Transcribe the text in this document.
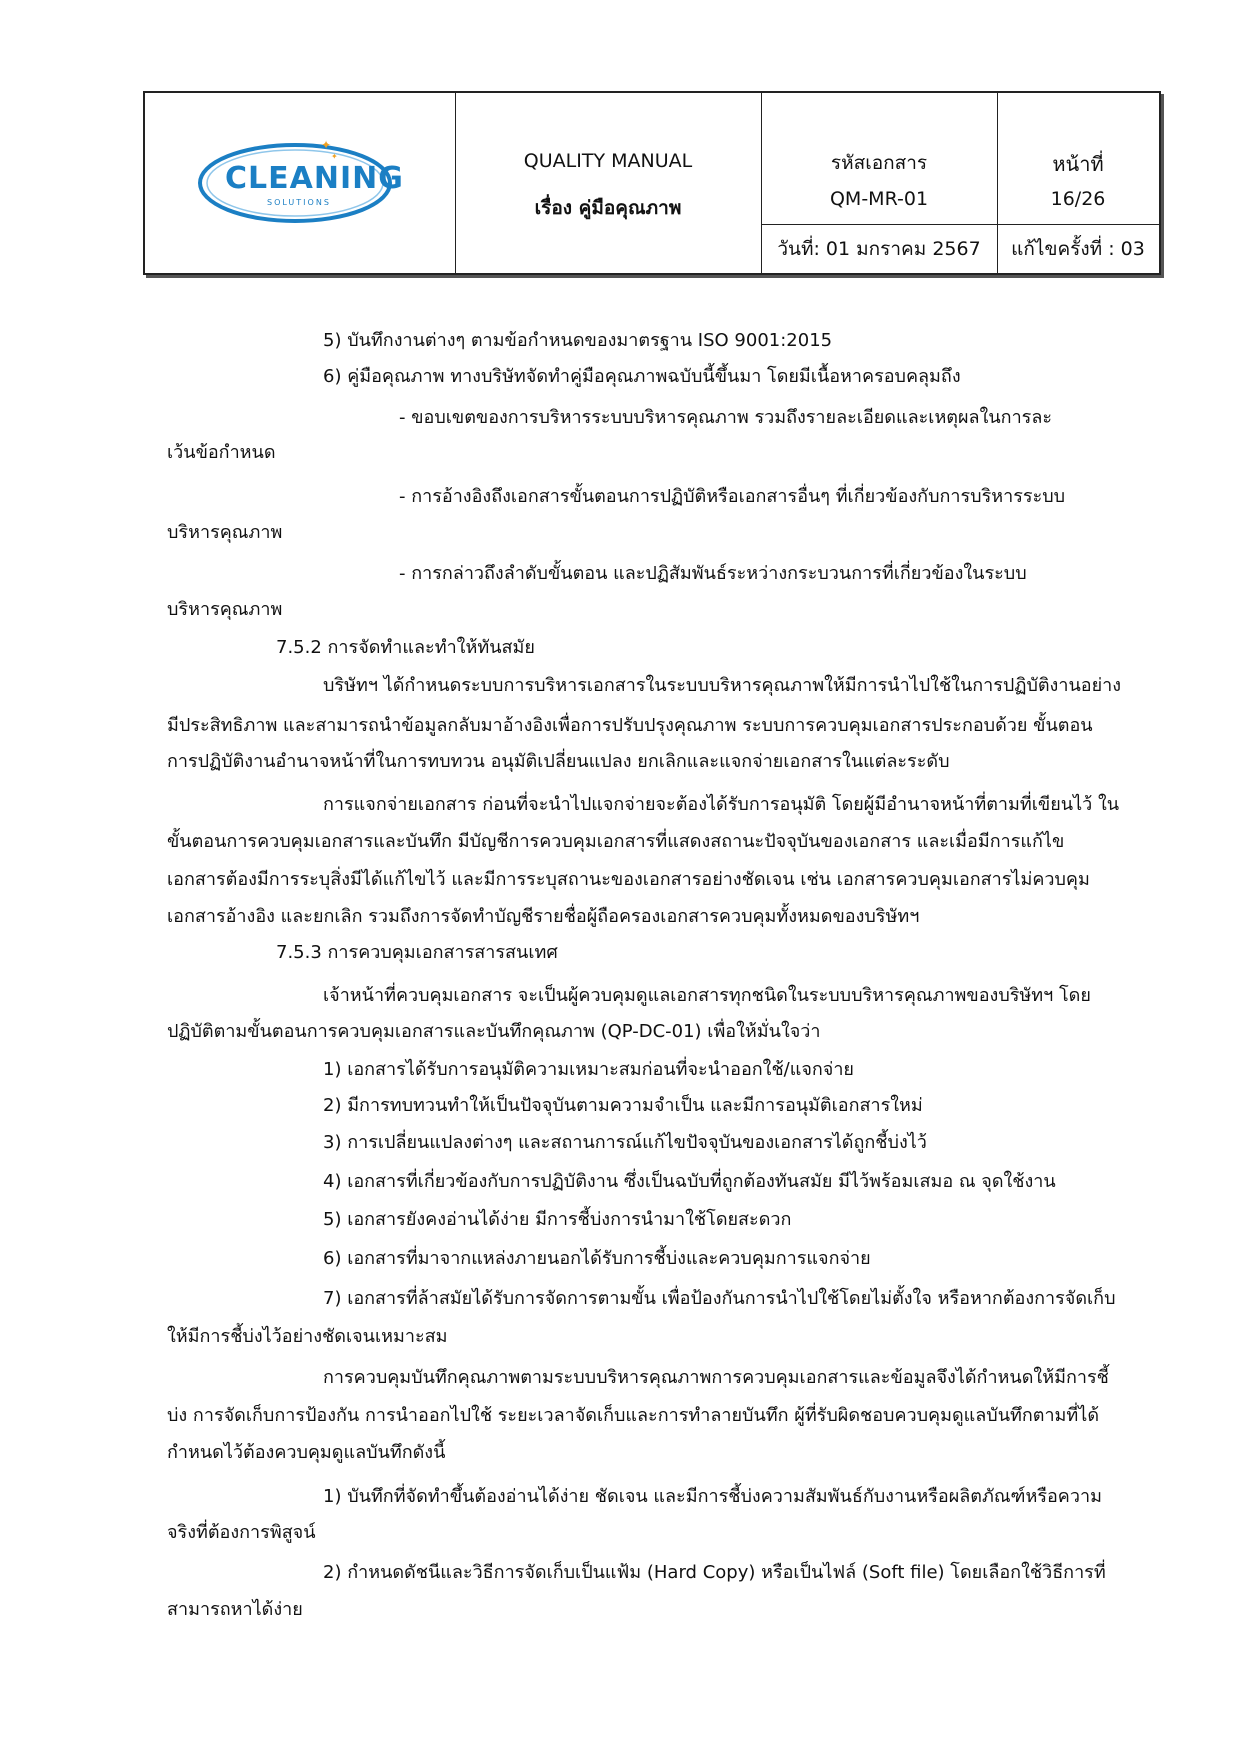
✦
✦
CLEANING
SOLUTIONS
QUALITY MANUAL
เรื่อง คู่มือคุณภาพ
รหัสเอกสาร
QM-MR-01
วันที่: 01 มกราคม 2567
หน้าที่
16/26
แก้ไขครั้งที่ : 03
5) บันทึกงานต่างๆ ตามข้อกำหนดของมาตรฐาน ISO 9001:2015
6) คู่มือคุณภาพ ทางบริษัทจัดทำคู่มือคุณภาพฉบับนี้ขึ้นมา โดยมีเนื้อหาครอบคลุมถึง
- ขอบเขตของการบริหารระบบบริหารคุณภาพ รวมถึงรายละเอียดและเหตุผลในการละ
เว้นข้อกำหนด
- การอ้างอิงถึงเอกสารขั้นตอนการปฏิบัติหรือเอกสารอื่นๆ ที่เกี่ยวข้องกับการบริหารระบบ
บริหารคุณภาพ
- การกล่าวถึงลำดับขั้นตอน และปฏิสัมพันธ์ระหว่างกระบวนการที่เกี่ยวข้องในระบบ
บริหารคุณภาพ
7.5.2 การจัดทำและทำให้ทันสมัย
บริษัทฯ ได้กำหนดระบบการบริหารเอกสารในระบบบริหารคุณภาพให้มีการนำไปใช้ในการปฏิบัติงานอย่าง
มีประสิทธิภาพ และสามารถนำข้อมูลกลับมาอ้างอิงเพื่อการปรับปรุงคุณภาพ ระบบการควบคุมเอกสารประกอบด้วย ขั้นตอน
การปฏิบัติงานอำนาจหน้าที่ในการทบทวน อนุมัติเปลี่ยนแปลง ยกเลิกและแจกจ่ายเอกสารในแต่ละระดับ
การแจกจ่ายเอกสาร ก่อนที่จะนำไปแจกจ่ายจะต้องได้รับการอนุมัติ โดยผู้มีอำนาจหน้าที่ตามที่เขียนไว้ ใน
ขั้นตอนการควบคุมเอกสารและบันทึก มีบัญชีการควบคุมเอกสารที่แสดงสถานะปัจจุบันของเอกสาร และเมื่อมีการแก้ไข
เอกสารต้องมีการระบุสิ่งมีได้แก้ไขไว้ และมีการระบุสถานะของเอกสารอย่างชัดเจน เช่น เอกสารควบคุมเอกสารไม่ควบคุม
เอกสารอ้างอิง และยกเลิก รวมถึงการจัดทำบัญชีรายชื่อผู้ถือครองเอกสารควบคุมทั้งหมดของบริษัทฯ
7.5.3 การควบคุมเอกสารสารสนเทศ
เจ้าหน้าที่ควบคุมเอกสาร จะเป็นผู้ควบคุมดูแลเอกสารทุกชนิดในระบบบริหารคุณภาพของบริษัทฯ โดย
ปฏิบัติตามขั้นตอนการควบคุมเอกสารและบันทึกคุณภาพ (QP-DC-01) เพื่อให้มั่นใจว่า
1) เอกสารได้รับการอนุมัติความเหมาะสมก่อนที่จะนำออกใช้/แจกจ่าย
2) มีการทบทวนทำให้เป็นปัจจุบันตามความจำเป็น และมีการอนุมัติเอกสารใหม่
3) การเปลี่ยนแปลงต่างๆ และสถานการณ์แก้ไขปัจจุบันของเอกสารได้ถูกชี้บ่งไว้
4) เอกสารที่เกี่ยวข้องกับการปฏิบัติงาน ซึ่งเป็นฉบับที่ถูกต้องทันสมัย มีไว้พร้อมเสมอ ณ จุดใช้งาน
5) เอกสารยังคงอ่านได้ง่าย มีการชี้บ่งการนำมาใช้โดยสะดวก
6) เอกสารที่มาจากแหล่งภายนอกได้รับการชี้บ่งและควบคุมการแจกจ่าย
7) เอกสารที่ล้าสมัยได้รับการจัดการตามขั้น เพื่อป้องกันการนำไปใช้โดยไม่ตั้งใจ หรือหากต้องการจัดเก็บ
ให้มีการชี้บ่งไว้อย่างชัดเจนเหมาะสม
การควบคุมบันทึกคุณภาพตามระบบบริหารคุณภาพการควบคุมเอกสารและข้อมูลจึงได้กำหนดให้มีการชี้
บ่ง การจัดเก็บการป้องกัน การนำออกไปใช้ ระยะเวลาจัดเก็บและการทำลายบันทึก ผู้ที่รับผิดชอบควบคุมดูแลบันทึกตามที่ได้
กำหนดไว้ต้องควบคุมดูแลบันทึกดังนี้
1) บันทึกที่จัดทำขึ้นต้องอ่านได้ง่าย ชัดเจน และมีการชี้บ่งความสัมพันธ์กับงานหรือผลิตภัณฑ์หรือความ
จริงที่ต้องการพิสูจน์
2) กำหนดดัชนีและวิธีการจัดเก็บเป็นแฟ้ม (Hard Copy) หรือเป็นไฟล์ (Soft file) โดยเลือกใช้วิธีการที่
สามารถหาได้ง่าย
